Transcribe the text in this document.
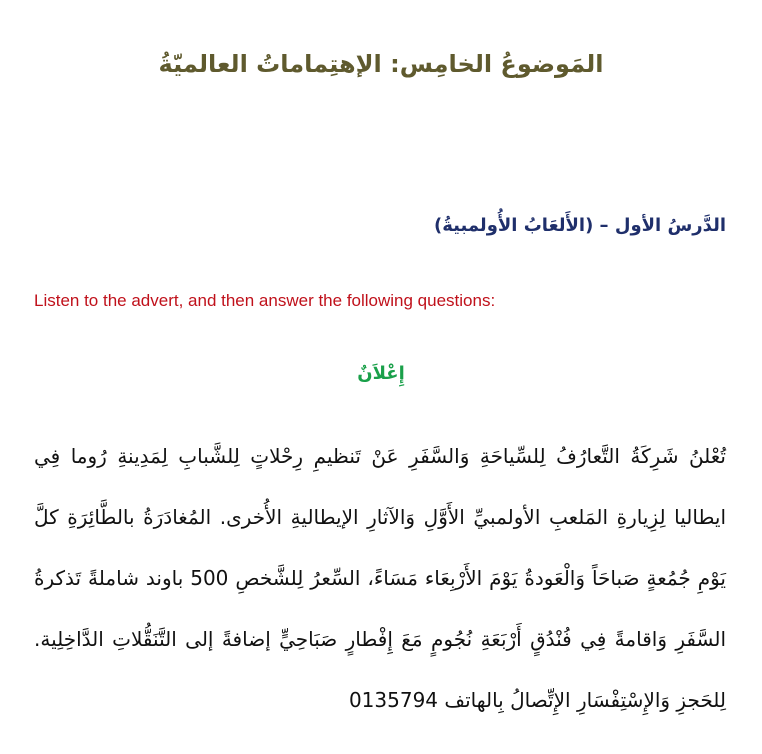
المَوضوعُ الخامِس: الإهتِماماتُ العالميّةُ
الدَّرسُ الأول – (الأَلعَابُ الأُولمبيةُ)

Listen to the advert, and then answer the following questions:

إِعْلاَنٌ

تُعْلنُ شَرِكَةُ التَّعارُفُ لِلسِّياحَةِ وَالسَّفَرِ عَنْ تَنظيمِ رِحْلاتٍ لِلشَّبابِ لِمَدِينةِ رُوما فِي ايطاليا لِزِيارةِ المَلعبِ الأولمبيِّ الأَوَّلِ وَالآثارِ الإيطاليةِ الأُخرى. المُغادَرَةُ بالطَّائِرَةِ كلَّ يَوْمِ جُمُعةٍ صَباحَاً وَالْعَودةُ يَوْمَ الأَرْبِعَاء مَسَاءً، السِّعرُ لِلشَّخصِ 500 باوند شاملةً تَذكرةُ السَّفَرِ وَاقامةً فِي فُنْدُقٍ أَرْبَعَةِ نُجُومٍ مَعَ إِفْطارٍ صَبَاحِيٍّ إضافةً إلى التَّنَقُّلاتِ الدَّاخِلِية. لِلحَجزِ وَالإِسْتِفْسَارِ الإِتِّصالُ بِالهاتف 0135794
